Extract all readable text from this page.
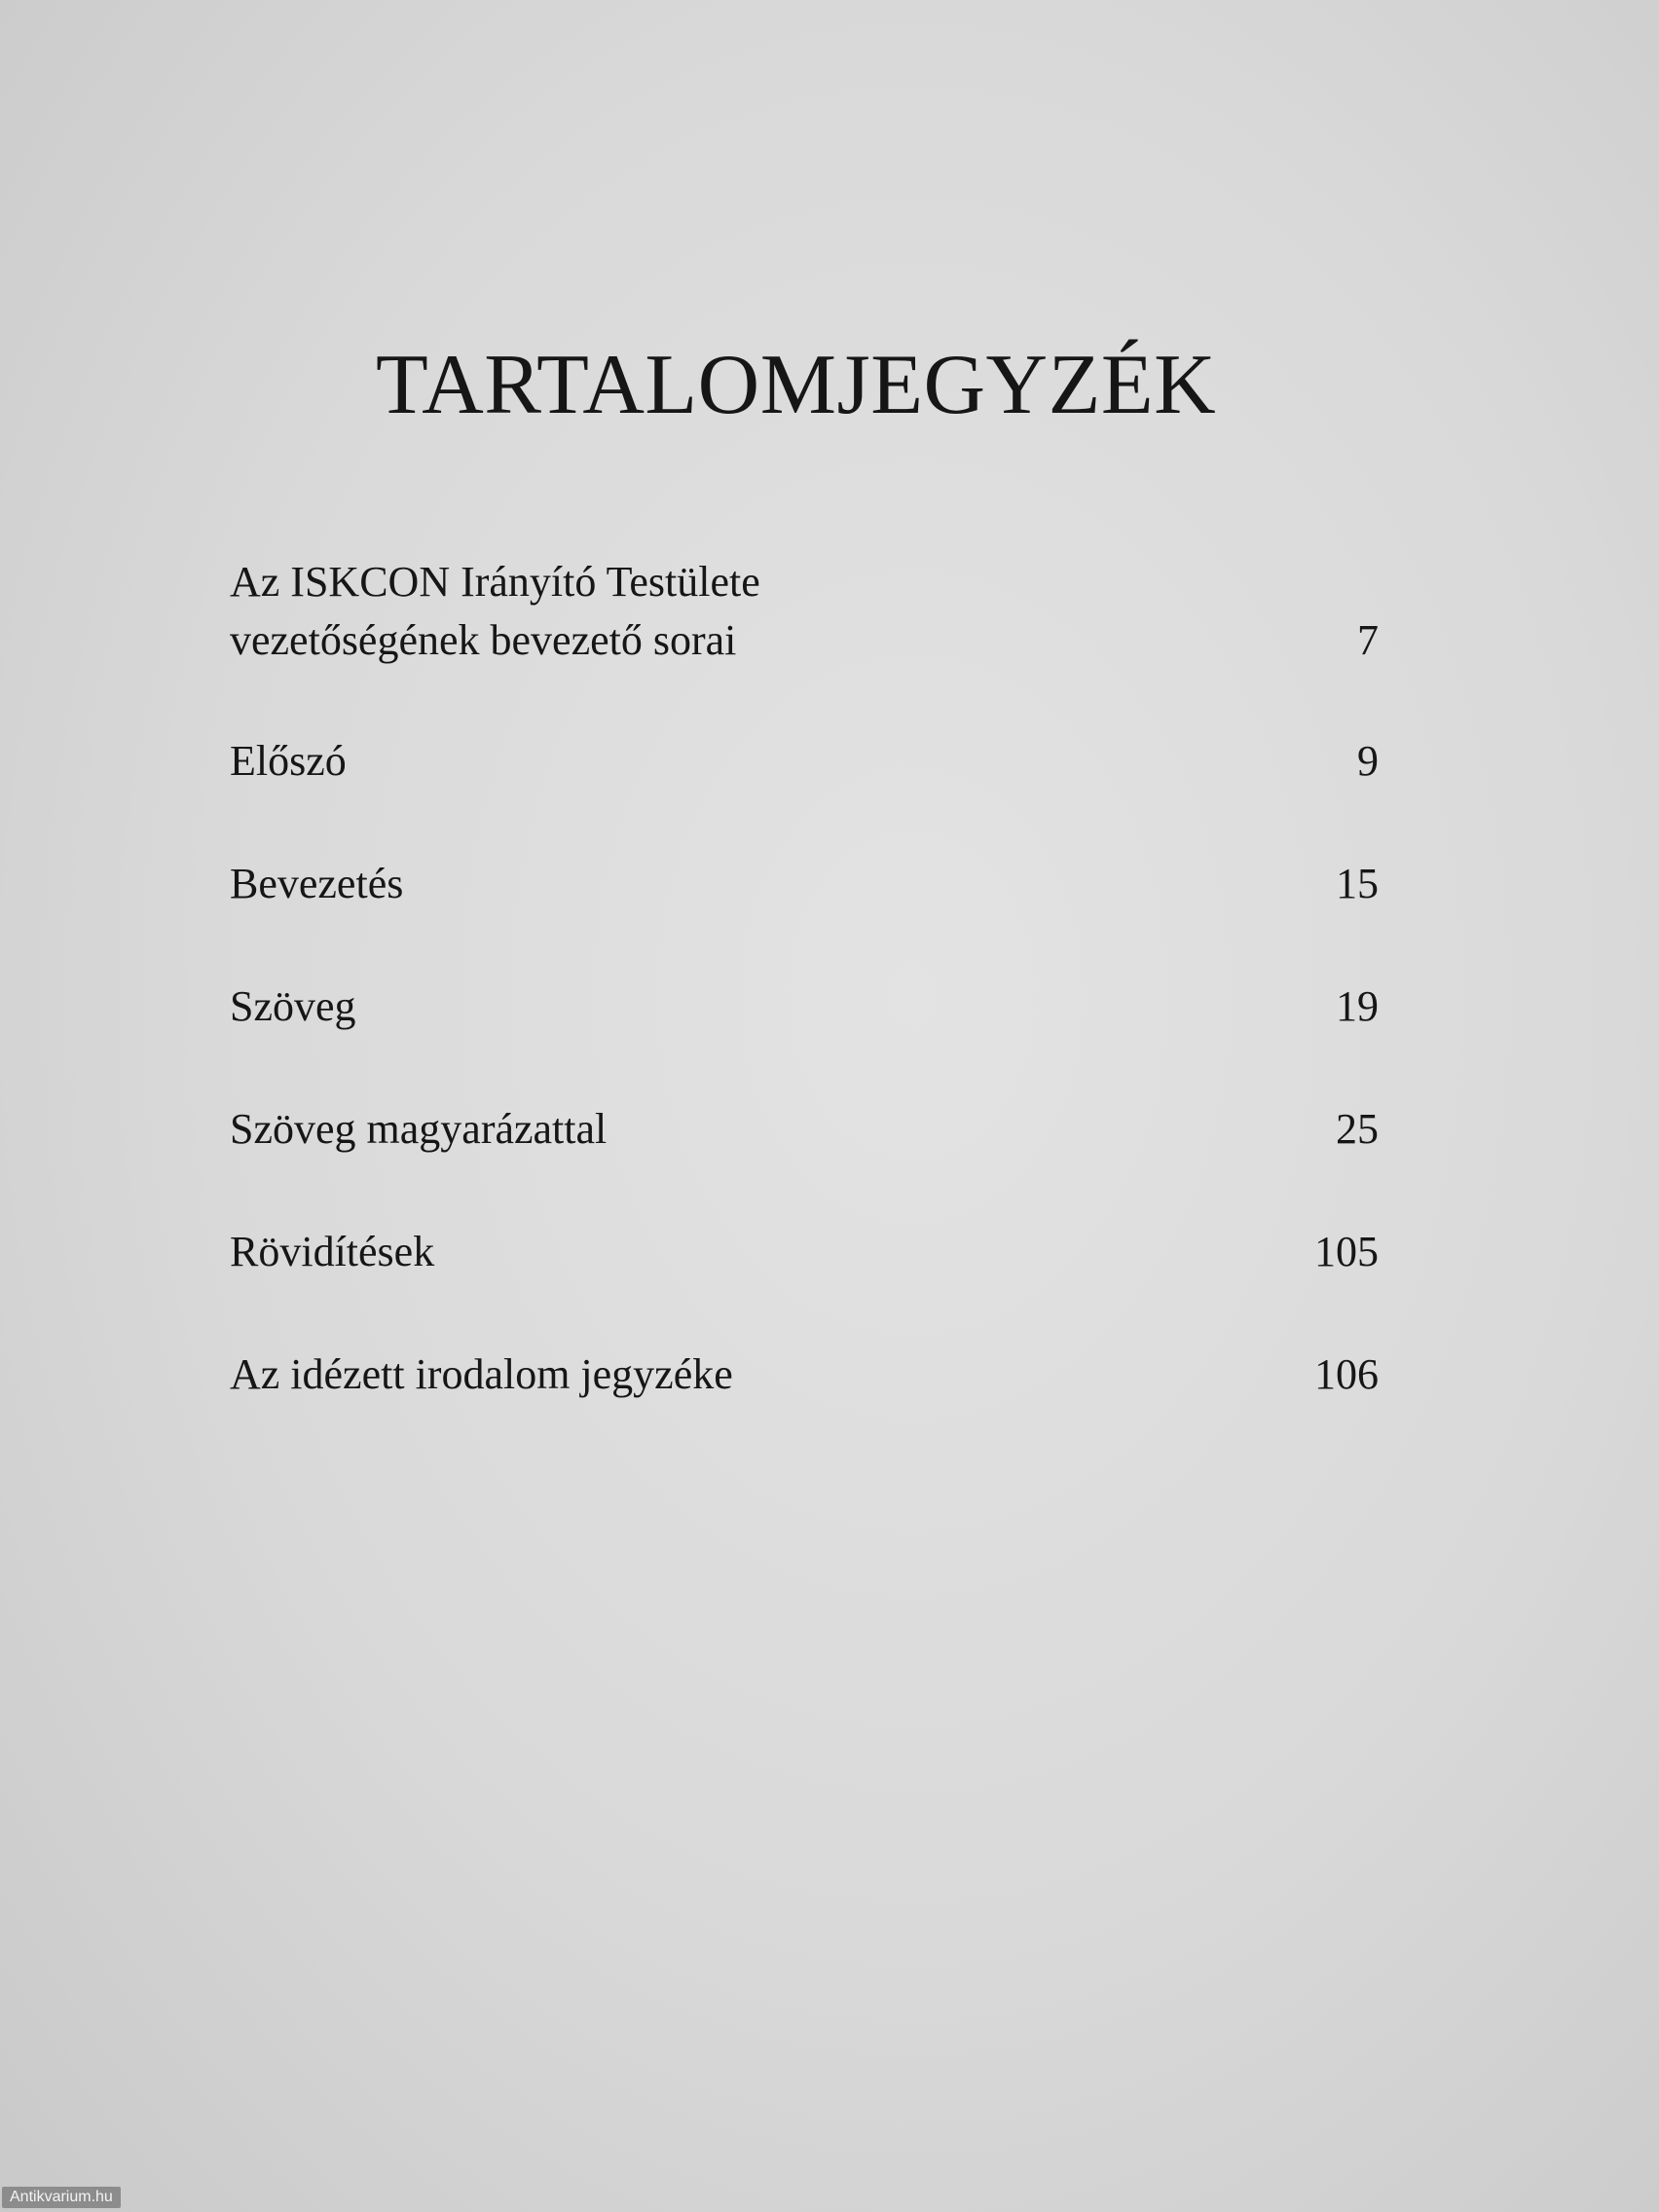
TARTALOMJEGYZÉK
Az ISKCON Irányító Testülete
vezetőségének bevezető sorai	7
Előszó	9
Bevezetés	15
Szöveg	19
Szöveg magyarázattal	25
Rövidítések	105
Az idézett irodalom jegyzéke	106
Antikvarium.hu
